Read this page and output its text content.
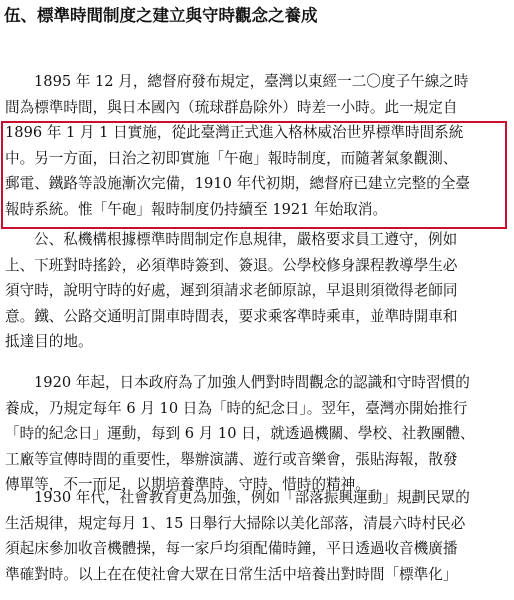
伍、標準時間制度之建立與守時觀念之養成
1895 年 12 月，總督府發布規定，臺灣以東經一二〇度子午線之時
間為標準時間，與日本國內（琉球群島除外）時差一小時。此一規定自
1896 年 1 月 1 日實施，從此臺灣正式進入格林威治世界標準時間系統
中。另一方面，日治之初即實施「午砲」報時制度，而隨著氣象觀測、
郵電、鐵路等設施漸次完備，1910 年代初期，總督府已建立完整的全臺
報時系統。惟「午砲」報時制度仍持續至 1921 年始取消。
公、私機構根據標準時間制定作息規律，嚴格要求員工遵守，例如
上、下班對時搖鈴，必須準時簽到、簽退。公學校修身課程教導學生必
須守時，說明守時的好處，遲到須請求老師原諒，早退則須徵得老師同
意。鐵、公路交通明訂開車時間表，要求乘客準時乘車，並準時開車和
抵達目的地。
1920 年起，日本政府為了加強人們對時間觀念的認識和守時習慣的
養成，乃規定每年 6 月 10 日為「時的紀念日」。翌年，臺灣亦開始推行
「時的紀念日」運動，每到 6 月 10 日，就透過機關、學校、社教團體、
工廠等宣傳時間的重要性，舉辦演講、遊行或音樂會，張貼海報，散發
傳單等，不一而足，以期培養準時、守時、惜時的精神。
1930 年代，社會教育更為加強，例如「部落振興運動」規劃民眾的
生活規律，規定每月 1、15 日舉行大掃除以美化部落，清晨六時村民必
須起床參加收音機體操，每一家戶均須配備時鐘，平日透過收音機廣播
準確對時。以上在在使社會大眾在日常生活中培養出對時間「標準化」
